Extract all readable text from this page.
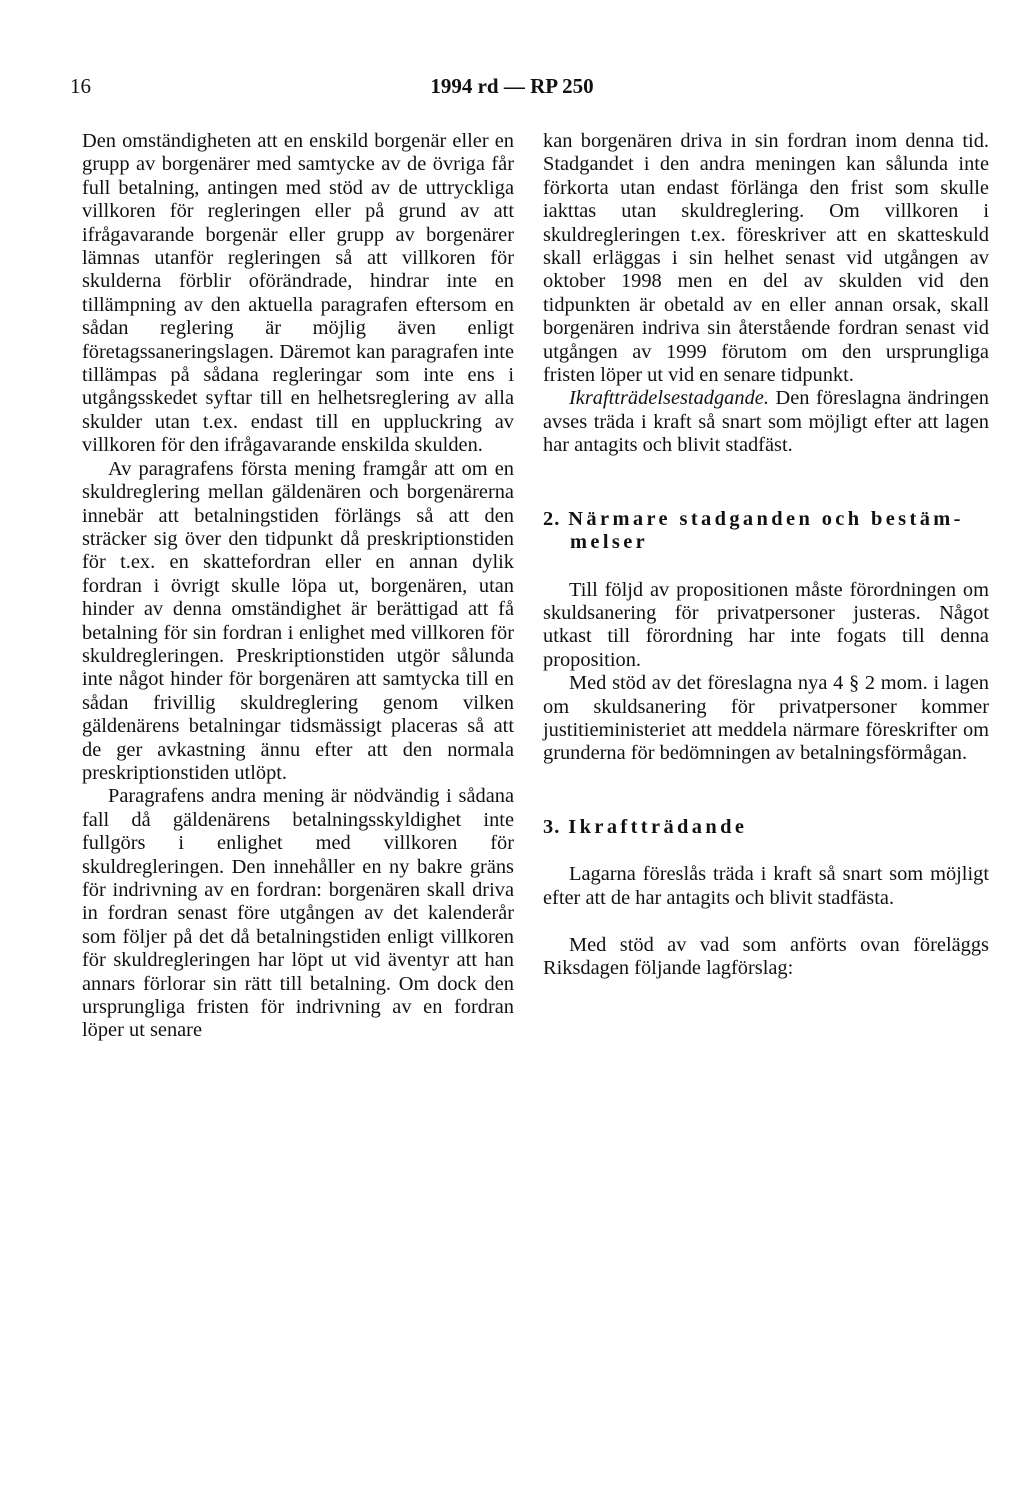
16	1994 rd — RP 250

Den omständigheten att en enskild borgenär eller en grupp av borgenärer med samtycke av de övriga får full betalning, antingen med stöd av de uttryckliga villkoren för regleringen eller på grund av att ifrågavarande borgenär eller grupp av borgenärer lämnas utanför regleringen så att villkoren för skulderna förblir oförändrade, hindrar inte en tillämpning av den aktuella paragrafen eftersom en sådan reglering är möjlig även enligt företagssaneringslagen. Däremot kan paragrafen inte tillämpas på sådana regleringar som inte ens i utgångsskedet syftar till en helhetsreglering av alla skulder utan t.ex. endast till en uppluckring av villkoren för den ifrågavarande enskilda skulden.

Av paragrafens första mening framgår att om en skuldreglering mellan gäldenären och borgenärerna innebär att betalningstiden förlängs så att den sträcker sig över den tidpunkt då preskriptionstiden för t.ex. en skattefordran eller en annan dylik fordran i övrigt skulle löpa ut, borgenären, utan hinder av denna omständighet är berättigad att få betalning för sin fordran i enlighet med villkoren för skuldregleringen. Preskriptionstiden utgör sålunda inte något hinder för borgenären att samtycka till en sådan frivillig skuldreglering genom vilken gäldenärens betalningar tidsmässigt placeras så att de ger avkastning ännu efter att den normala preskriptionstiden utlöpt.

Paragrafens andra mening är nödvändig i sådana fall då gäldenärens betalningsskyldighet inte fullgörs i enlighet med villkoren för skuldregleringen. Den innehåller en ny bakre gräns för indrivning av en fordran: borgenären skall driva in fordran senast före utgången av det kalenderår som följer på det då betalningstiden enligt villkoren för skuldregleringen har löpt ut vid äventyr att han annars förlorar sin rätt till betalning. Om dock den ursprungliga fristen för indrivning av en fordran löper ut senare

kan borgenären driva in sin fordran inom denna tid. Stadgandet i den andra meningen kan sålunda inte förkorta utan endast förlänga den frist som skulle iakttas utan skuldreglering. Om villkoren i skuldregleringen t.ex. föreskriver att en skatteskuld skall erläggas i sin helhet senast vid utgången av oktober 1998 men en del av skulden vid den tidpunkten är obetald av en eller annan orsak, skall borgenären indriva sin återstående fordran senast vid utgången av 1999 förutom om den ursprungliga fristen löper ut vid en senare tidpunkt.

Ikraftträdelsestadgande. Den föreslagna ändringen avses träda i kraft så snart som möjligt efter att lagen har antagits och blivit stadfäst.

2. Närmare stadganden och bestäm-
melser

Till följd av propositionen måste förordningen om skuldsanering för privatpersoner justeras. Något utkast till förordning har inte fogats till denna proposition.

Med stöd av det föreslagna nya 4 § 2 mom. i lagen om skuldsanering för privatpersoner kommer justitieministeriet att meddela närmare föreskrifter om grunderna för bedömningen av betalningsförmågan.

3. Ikraftträdande

Lagarna föreslås träda i kraft så snart som möjligt efter att de har antagits och blivit stadfästa.

Med stöd av vad som anförts ovan föreläggs Riksdagen följande lagförslag:
